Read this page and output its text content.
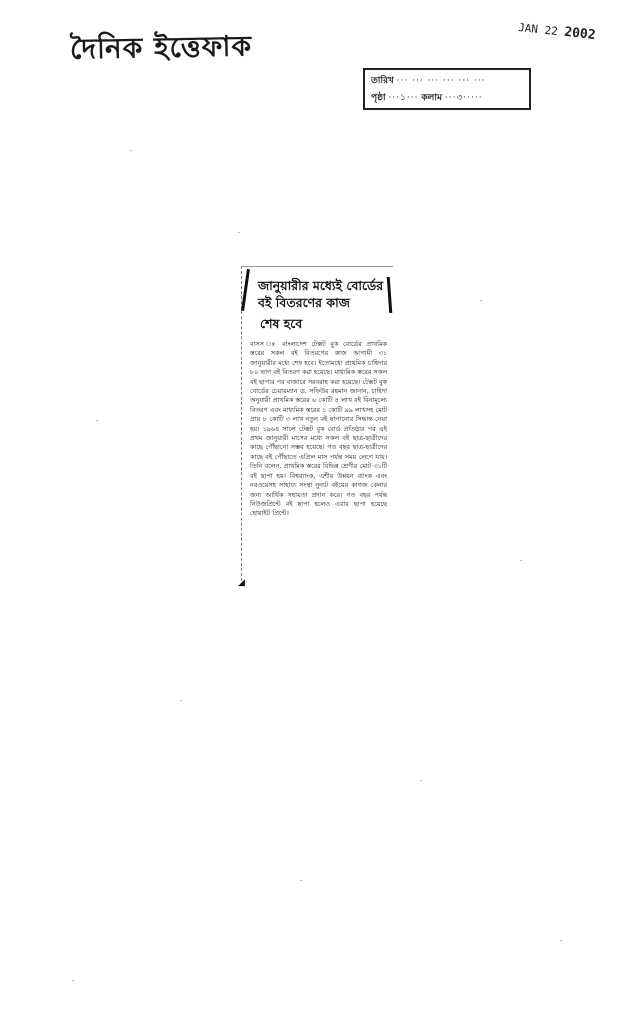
দৈনিক ইত্তেফাক	JAN 22 2002
তারিখ ··· ··· ··· ··· ··· ···
পৃষ্ঠা ···১··· কলাম ···৩·····
জানুয়ারীর মধ্যেই বোর্ডের
বই বিতরণের কাজ
শেষ হবে
বাসস ঃ বাংলাদেশ টেক্সট বুক বোর্ডের প্রাথমিক স্তরের সকল বই বিতরণের কাজ আগামী ৩১ জানুয়ারীর মধ্যে শেষ হবে। ইতোমধ্যে প্রাথমিক চাহিদার ৮০ ভাগ বই বিতরণ করা হয়েছে। মাধ্যমিক স্তরের সকল বই ছাপার পর বাজারে সরবরাহ করা হয়েছে। টেক্সট বুক বোর্ডের চেয়ারম্যান ড. সফিউর রহমান জানান, চাহিদা অনুযায়ী প্রাথমিক স্তরের ৬ কোটি ৪ লাখ বই বিনামূল্যে বিতরণ এবং মাধ্যমিক স্তরের ১ কোটি ৯৯ লাখসহ মোট প্রায় ৮ কোটি ৩ লাখ নতুন বই ছাপানোর সিদ্ধান্ত নেয়া হয়। ১৯৬৪ সালে টেক্সট বুক বোর্ড প্রতিষ্ঠার পর এই প্রথম জানুয়ারী মাসের মধ্যে সকল বই ছাত্র-ছাত্রীদের কাছে পৌঁছানো সম্ভব হয়েছে। গত বছর ছাত্র-ছাত্রীদের কাছে বই পৌঁছাতে এপ্রিল মাস পর্যন্ত সময় লেগে যায়। তিনি বলেন, প্রাথমিক স্তরের বিভিন্ন শ্রেণীর মোট ৩১টি বই ছাপা হয়। বিশ্বব্যাংক, এশীয় উন্নয়ন ব্যাংক এবং নরওয়েসহ সাহায্য সংস্থা নুন্যট বইয়ের কাগজ কেনার জন্য আর্থিক সহায়তা প্রদান করে। গত বছর পর্যন্ত নিউজপ্রিন্টে বই ছাপা হলেও এবার ছাপা হয়েছে হোয়াইট প্রিন্টে।
◢
